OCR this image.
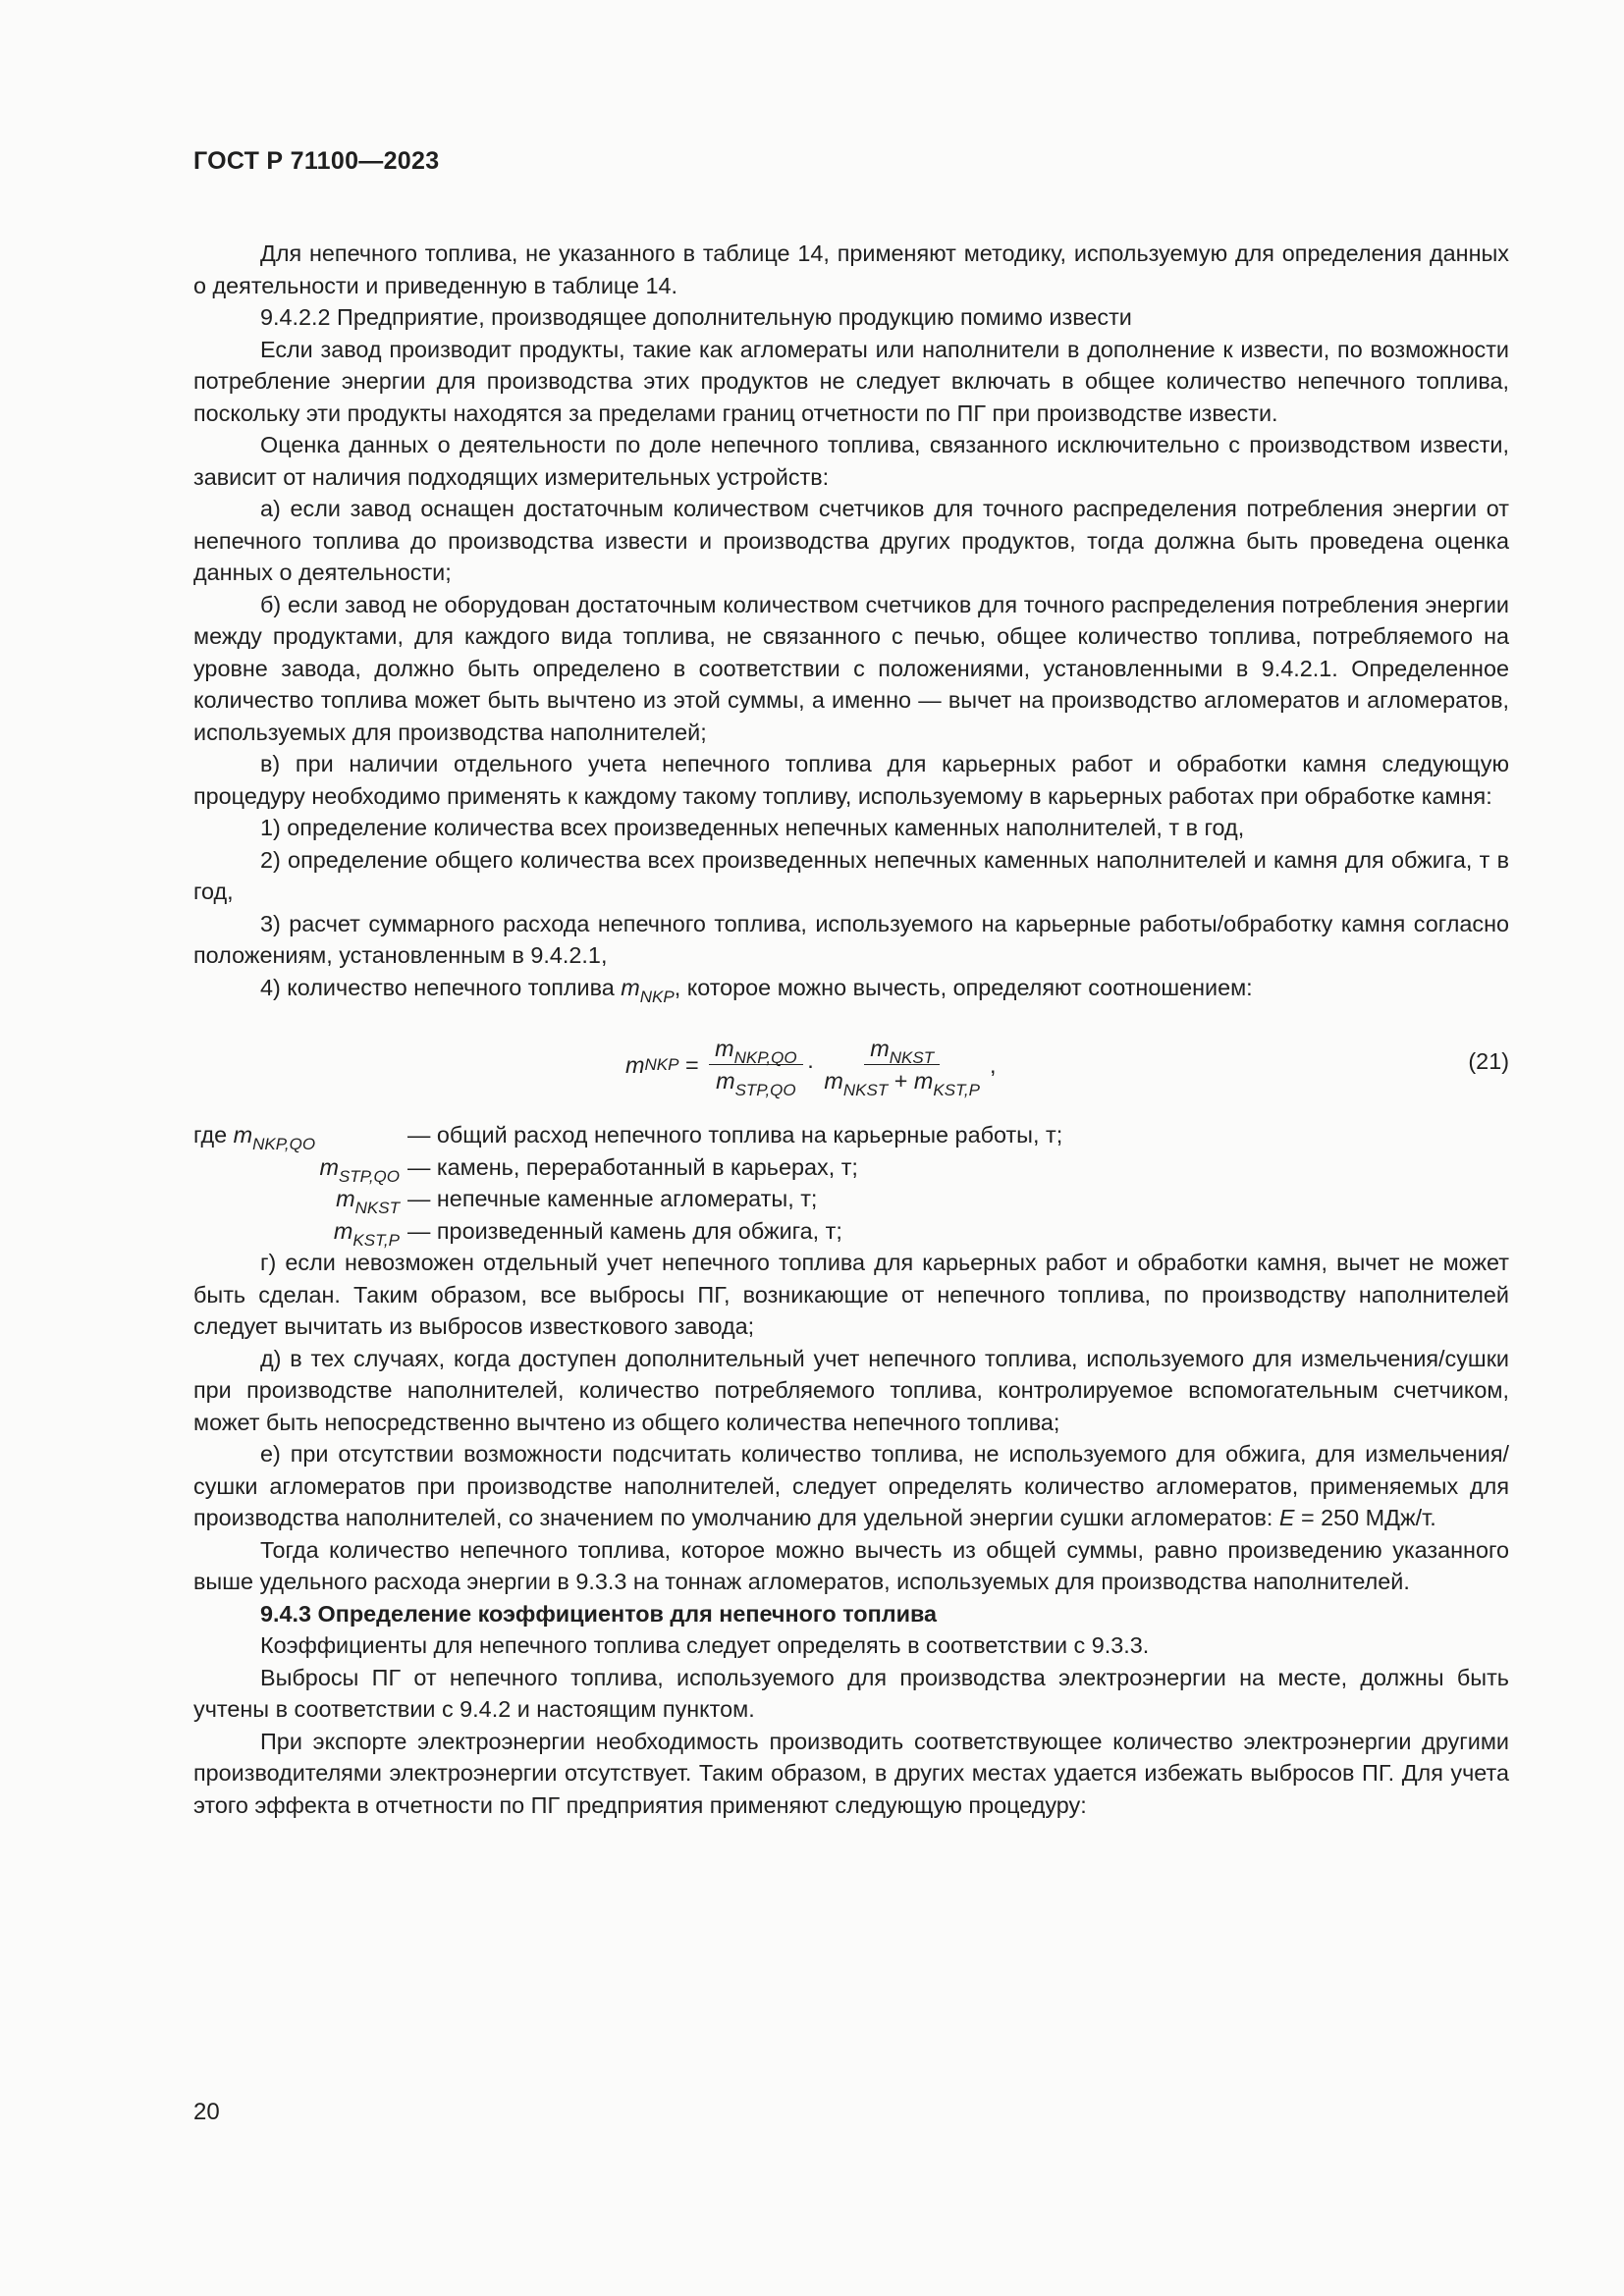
ГОСТ Р 71100—2023

Для непечного топлива, не указанного в таблице 14, применяют методику, используемую для определения данных о деятельности и приведенную в таблице 14.

9.4.2.2 Предприятие, производящее дополнительную продукцию помимо извести

Если завод производит продукты, такие как агломераты или наполнители в дополнение к извести, по возможности потребление энергии для производства этих продуктов не следует включать в общее количество непечного топлива, поскольку эти продукты находятся за пределами границ отчетности по ПГ при производстве извести.

Оценка данных о деятельности по доле непечного топлива, связанного исключительно с производством извести, зависит от наличия подходящих измерительных устройств:

а) если завод оснащен достаточным количеством счетчиков для точного распределения потребления энергии от непечного топлива до производства извести и производства других продуктов, тогда должна быть проведена оценка данных о деятельности;

б) если завод не оборудован достаточным количеством счетчиков для точного распределения потребления энергии между продуктами, для каждого вида топлива, не связанного с печью, общее количество топлива, потребляемого на уровне завода, должно быть определено в соответствии с положениями, установленными в 9.4.2.1. Определенное количество топлива может быть вычтено из этой суммы, а именно — вычет на производство агломератов и агломератов, используемых для производства наполнителей;

в) при наличии отдельного учета непечного топлива для карьерных работ и обработки камня следующую процедуру необходимо применять к каждому такому топливу, используемому в карьерных работах при обработке камня:

1) определение количества всех произведенных непечных каменных наполнителей, т в год,

2) определение общего количества всех произведенных непечных каменных наполнителей и камня для обжига, т в год,

3) расчет суммарного расхода непечного топлива, используемого на карьерные работы/обработку камня согласно положениям, установленным в 9.4.2.1,

4) количество непечного топлива $m_{NKP}$, которое можно вычесть, определяют соотношением:

m NKP = $\frac{m_{NKP,QO}}{m_{STP,QO}} \cdot \frac{m_{NKST}}{m_{NKST} + m_{KST,P}}$ ,	(21)
где $m_{NKP,QO}$	— общий расход непечного топлива на карьерные работы, т;
$m_{STP,QO}$ — камень, переработанный в карьерах, т;
$m_{NKST}$ — непечные каменные агломераты, т;
$m_{KST,P}$ — произведенный камень для обжига, т;

г) если невозможен отдельный учет непечного топлива для карьерных работ и обработки камня, вычет не может быть сделан. Таким образом, все выбросы ПГ, возникающие от непечного топлива, по производству наполнителей следует вычитать из выбросов известкового завода;

д) в тех случаях, когда доступен дополнительный учет непечного топлива, используемого для измельчения/сушки при производстве наполнителей, количество потребляемого топлива, контролируемое вспомогательным счетчиком, может быть непосредственно вычтено из общего количества непечного топлива;

е) при отсутствии возможности подсчитать количество топлива, не используемого для обжига, для измельчения/сушки агломератов при производстве наполнителей, следует определять количество агломератов, применяемых для производства наполнителей, со значением по умолчанию для удельной энергии сушки агломератов: E = 250 МДж/т.

Тогда количество непечного топлива, которое можно вычесть из общей суммы, равно произведению указанного выше удельного расхода энергии в 9.3.3 на тоннаж агломератов, используемых для производства наполнителей.

9.4.3 Определение коэффициентов для непечного топлива

Коэффициенты для непечного топлива следует определять в соответствии с 9.3.3.

Выбросы ПГ от непечного топлива, используемого для производства электроэнергии на месте, должны быть учтены в соответствии с 9.4.2 и настоящим пунктом.

При экспорте электроэнергии необходимость производить соответствующее количество электроэнергии другими производителями электроэнергии отсутствует. Таким образом, в других местах удается избежать выбросов ПГ. Для учета этого эффекта в отчетности по ПГ предприятия применяют следующую процедуру:

20
